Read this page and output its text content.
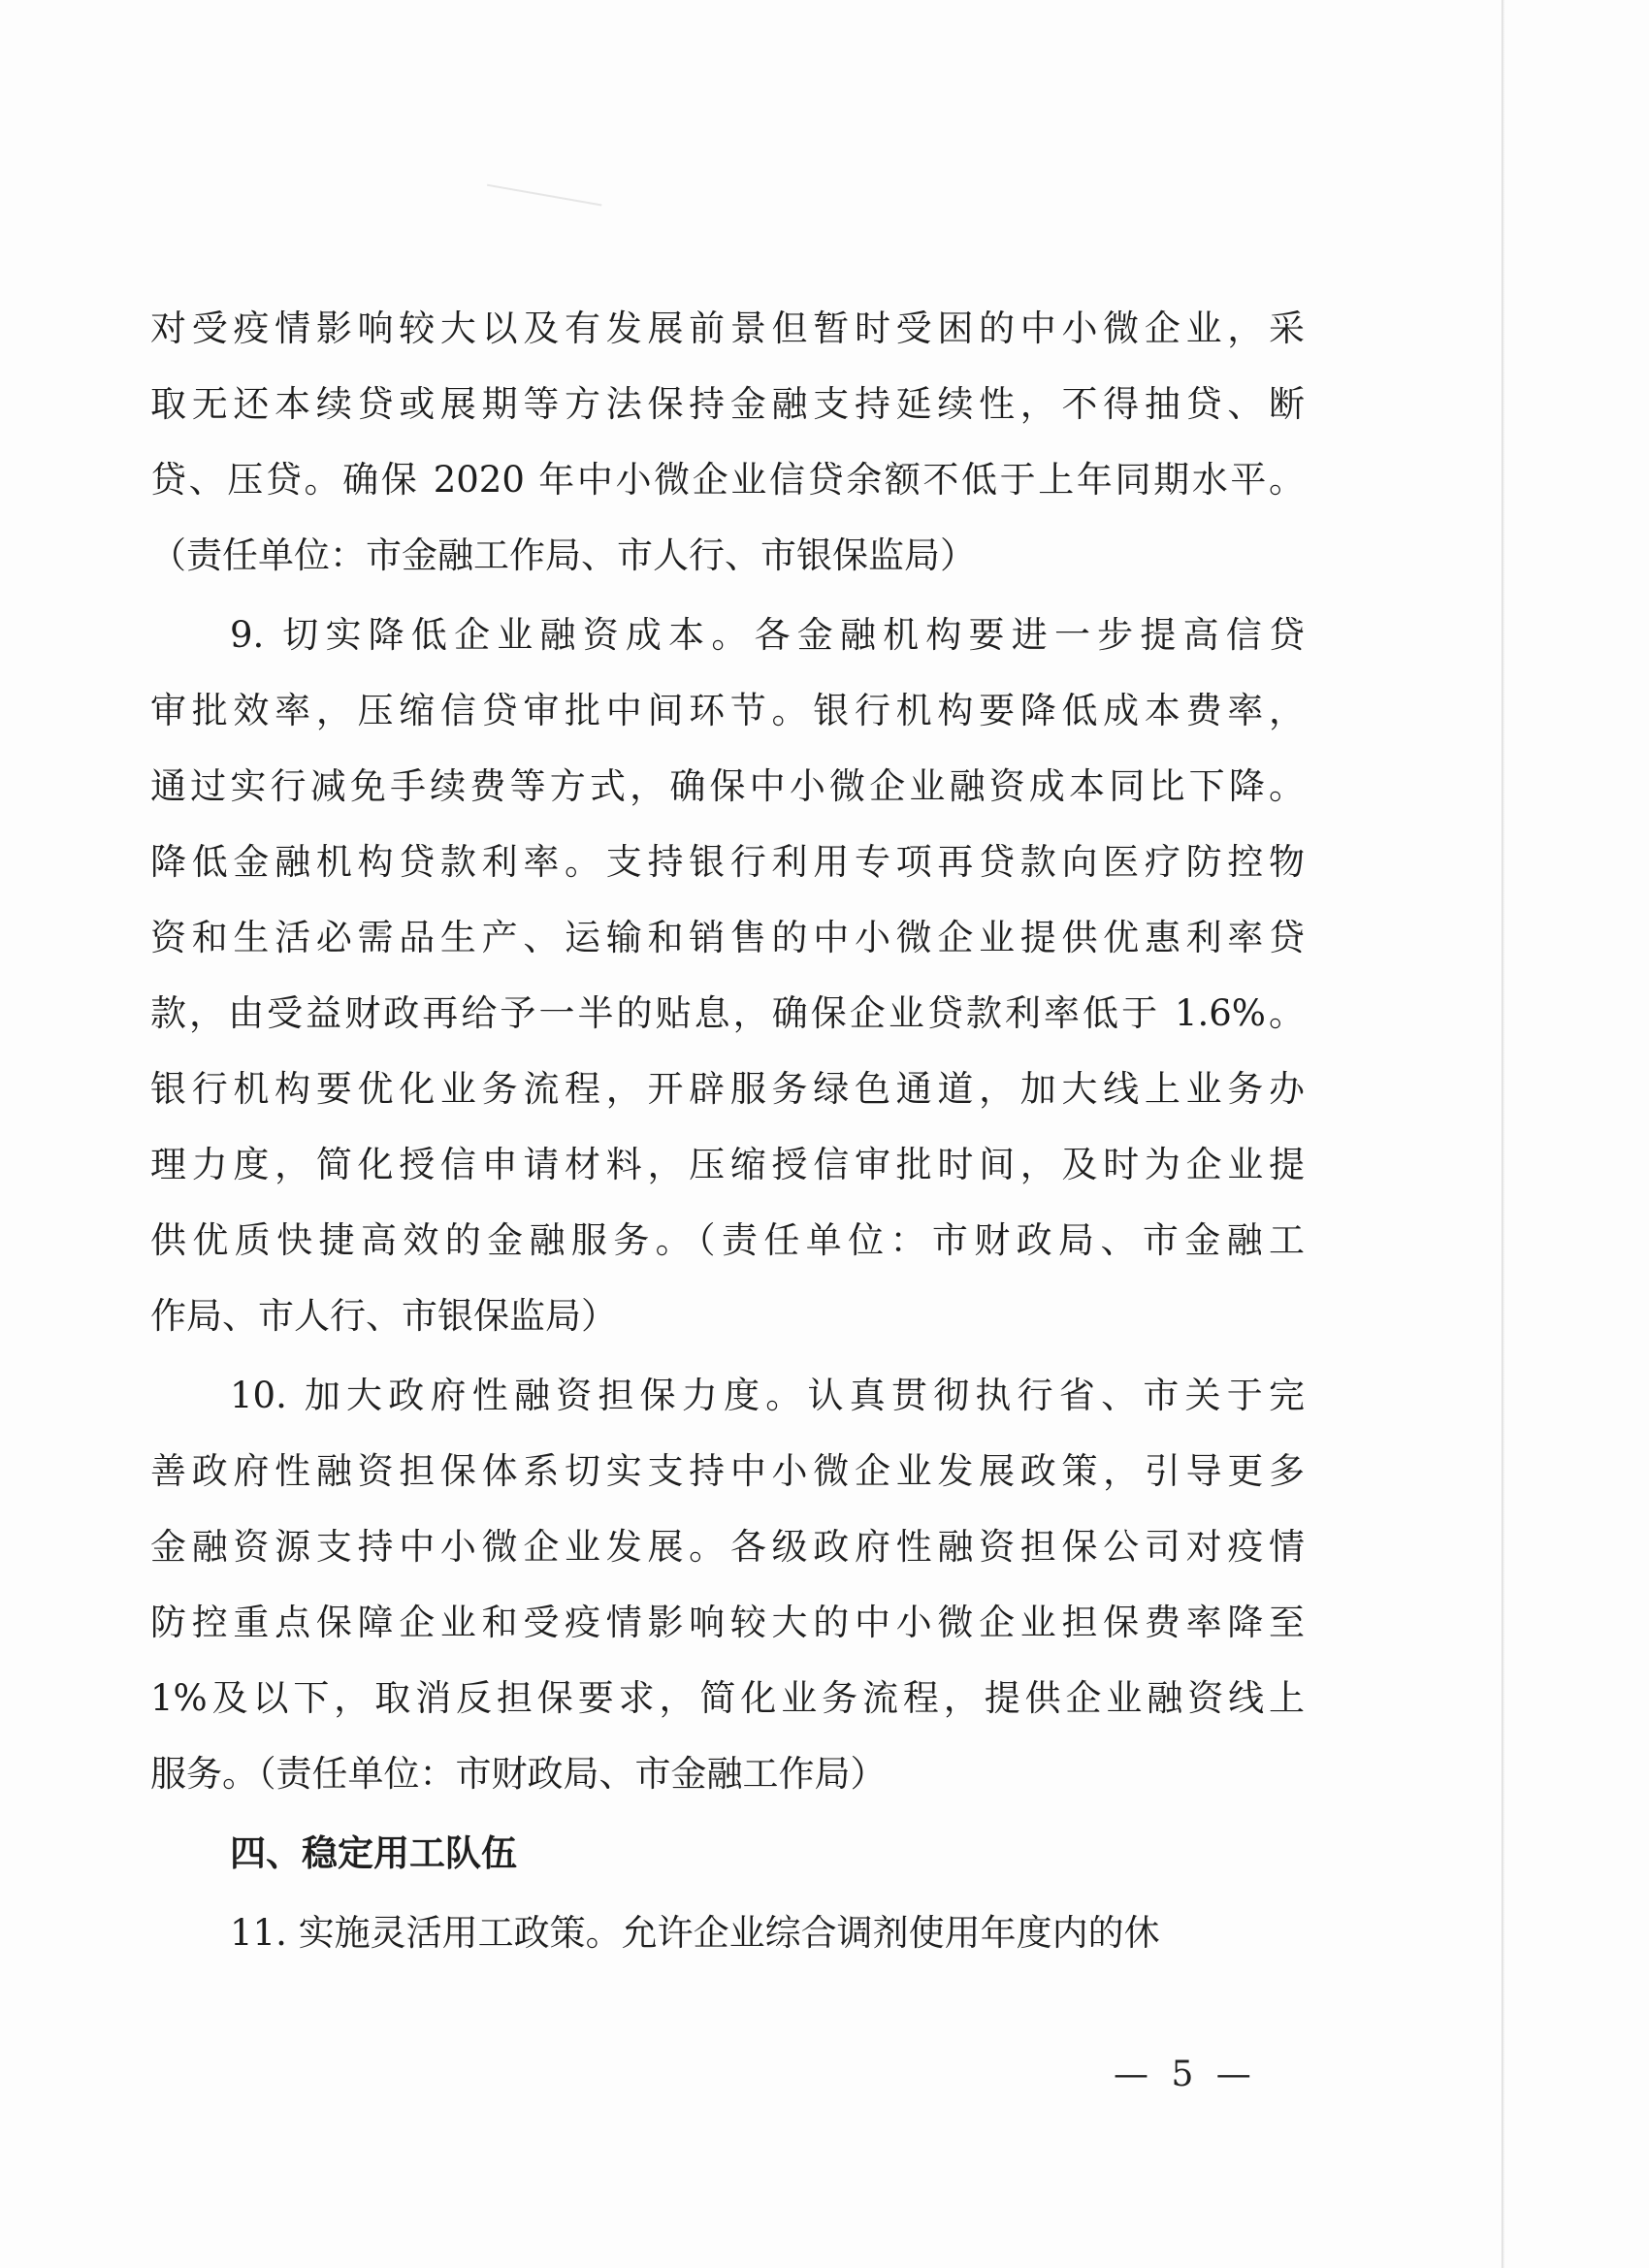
对受疫情影响较大以及有发展前景但暂时受困的中小微企业，采
取无还本续贷或展期等方法保持金融支持延续性，不得抽贷、断
贷、压贷。确保 2020 年中小微企业信贷余额不低于上年同期水平。
（责任单位：市金融工作局、市人行、市银保监局）
9. 切实降低企业融资成本。各金融机构要进一步提高信贷
审批效率，压缩信贷审批中间环节。银行机构要降低成本费率，
通过实行减免手续费等方式，确保中小微企业融资成本同比下降。
降低金融机构贷款利率。支持银行利用专项再贷款向医疗防控物
资和生活必需品生产、运输和销售的中小微企业提供优惠利率贷
款，由受益财政再给予一半的贴息，确保企业贷款利率低于 1.6%。
银行机构要优化业务流程，开辟服务绿色通道，加大线上业务办
理力度，简化授信申请材料，压缩授信审批时间，及时为企业提
供优质快捷高效的金融服务。（责任单位：市财政局、市金融工
作局、市人行、市银保监局）
10. 加大政府性融资担保力度。认真贯彻执行省、市关于完
善政府性融资担保体系切实支持中小微企业发展政策，引导更多
金融资源支持中小微企业发展。各级政府性融资担保公司对疫情
防控重点保障企业和受疫情影响较大的中小微企业担保费率降至
1%及以下，取消反担保要求，简化业务流程，提供企业融资线上
服务。（责任单位：市财政局、市金融工作局）
四、稳定用工队伍
11. 实施灵活用工政策。允许企业综合调剂使用年度内的休
— 5 —
